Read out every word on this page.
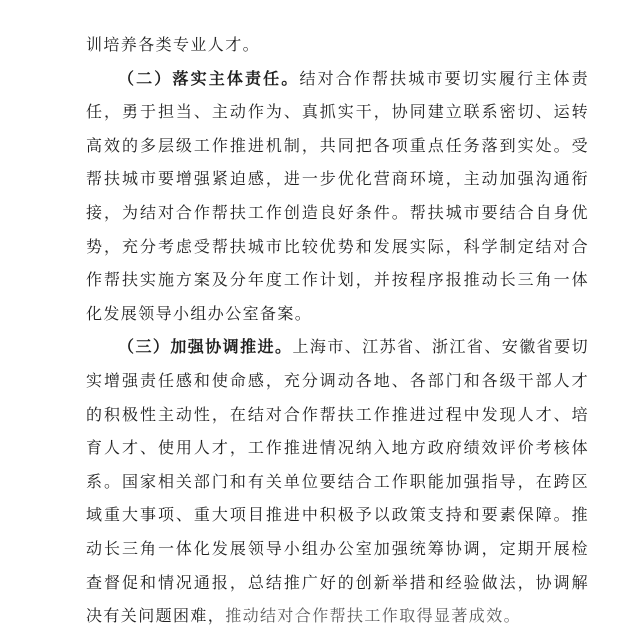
训培养各类专业人才。

（二）落实主体责任。结对合作帮扶城市要切实履行主体责任，勇于担当、主动作为、真抓实干，协同建立联系密切、运转高效的多层级工作推进机制，共同把各项重点任务落到实处。受帮扶城市要增强紧迫感，进一步优化营商环境，主动加强沟通衔接，为结对合作帮扶工作创造良好条件。帮扶城市要结合自身优势，充分考虑受帮扶城市比较优势和发展实际，科学制定结对合作帮扶实施方案及分年度工作计划，并按程序报推动长三角一体化发展领导小组办公室备案。

（三）加强协调推进。上海市、江苏省、浙江省、安徽省要切实增强责任感和使命感，充分调动各地、各部门和各级干部人才的积极性主动性，在结对合作帮扶工作推进过程中发现人才、培育人才、使用人才，工作推进情况纳入地方政府绩效评价考核体系。国家相关部门和有关单位要结合工作职能加强指导，在跨区域重大事项、重大项目推进中积极予以政策支持和要素保障。推动长三角一体化发展领导小组办公室加强统筹协调，定期开展检查督促和情况通报，总结推广好的创新举措和经验做法，协调解决有关问题困难，推动结对合作帮扶工作取得显著成效。
